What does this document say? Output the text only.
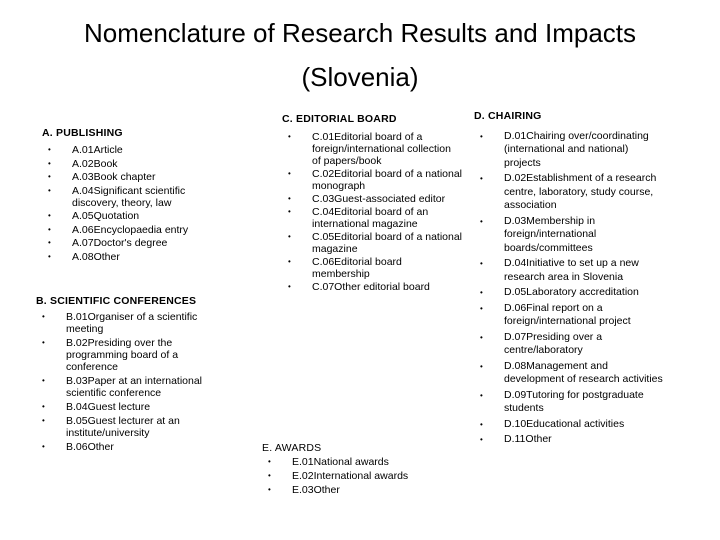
Nomenclature of Research Results and Impacts
(Slovenia)
A. PUBLISHING
• A.01Article
• A.02Book
• A.03Book chapter
• A.04Significant scientific discovery, theory, law
• A.05Quotation
• A.06Encyclopaedia entry
• A.07Doctor's degree
• A.08Other
B. SCIENTIFIC CONFERENCES
• B.01Organiser of a scientific meeting
• B.02Presiding over the programming board of a conference
• B.03Paper at an international scientific conference
• B.04Guest lecture
• B.05Guest lecturer at an institute/university
• B.06Other
C. EDITORIAL BOARD
• C.01Editorial board of a foreign/international collection of papers/book
• C.02Editorial board of a national monograph
• C.03Guest-associated editor
• C.04Editorial board of an international magazine
• C.05Editorial board of a national magazine
• C.06Editorial board membership
• C.07Other editorial board
D. CHAIRING
• D.01Chairing over/coordinating (international and national) projects
• D.02Establishment of a research centre, laboratory, study course, association
• D.03Membership in foreign/international boards/committees
• D.04Initiative to set up a new research area in Slovenia
• D.05Laboratory accreditation
• D.06Final report on a foreign/international project
• D.07Presiding over a centre/laboratory
• D.08Management and development of research activities
• D.09Tutoring for postgraduate students
• D.10Educational activities
• D.11Other
E. AWARDS
• E.01National awards
• E.02International awards
• E.03Other
